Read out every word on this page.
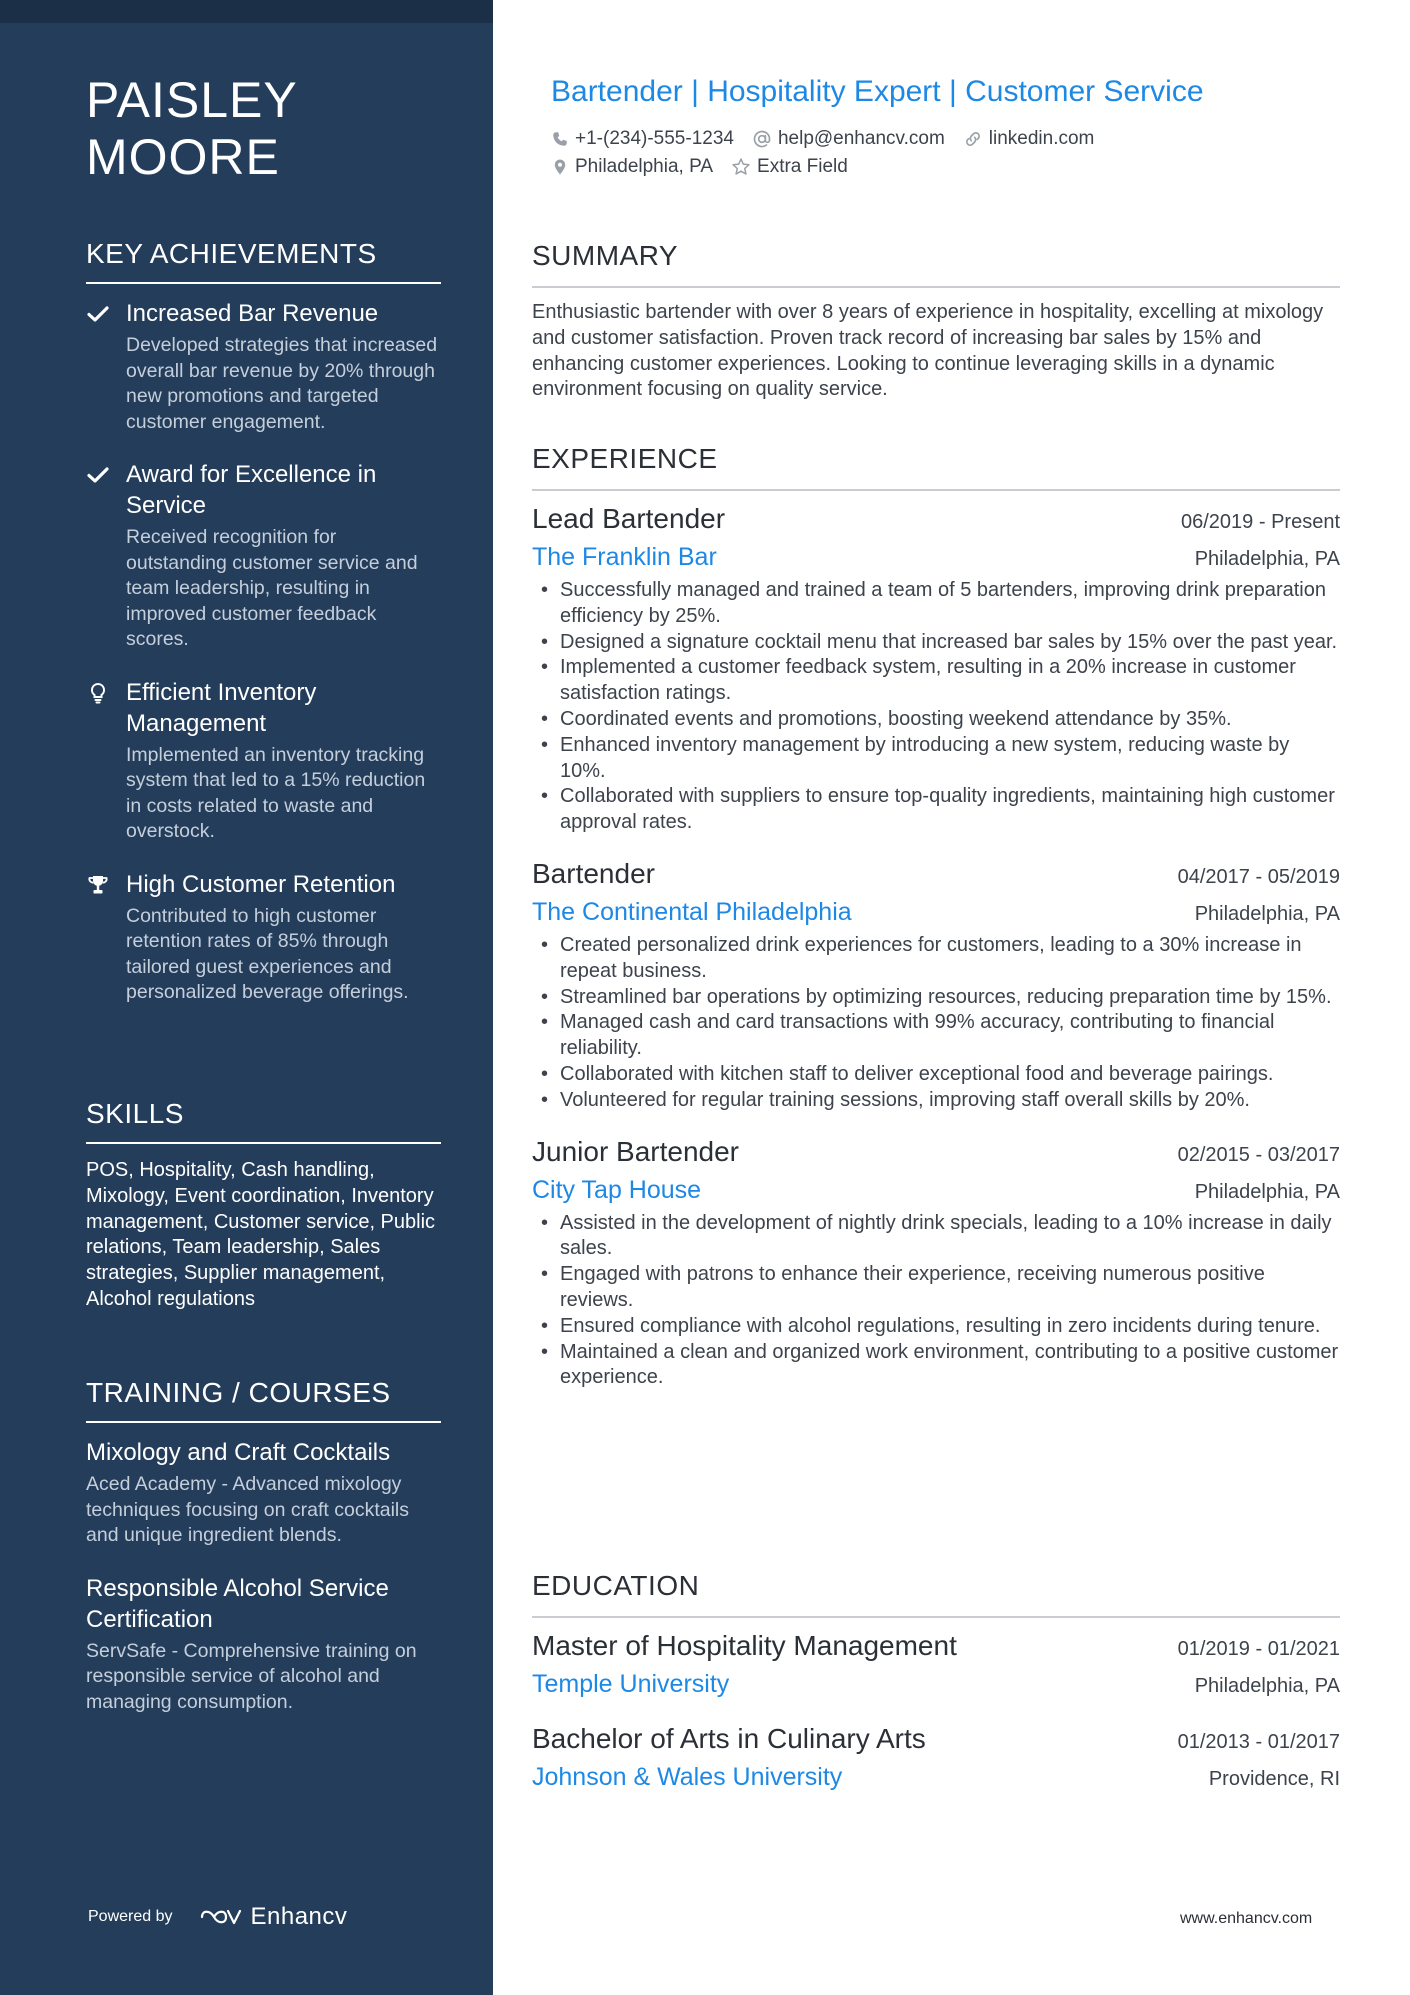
PAISLEY
MOORE
KEY ACHIEVEMENTS
Increased Bar Revenue
Developed strategies that increased overall bar revenue by 20% through new promotions and targeted customer engagement.
Award for Excellence in Service
Received recognition for outstanding customer service and team leadership, resulting in improved customer feedback scores.
Efficient Inventory Management
Implemented an inventory tracking system that led to a 15% reduction in costs related to waste and overstock.
High Customer Retention
Contributed to high customer retention rates of 85% through tailored guest experiences and personalized beverage offerings.
SKILLS
POS, Hospitality, Cash handling, Mixology, Event coordination, Inventory management, Customer service, Public relations, Team leadership, Sales strategies, Supplier management, Alcohol regulations
TRAINING / COURSES
Mixology and Craft Cocktails
Aced Academy - Advanced mixology techniques focusing on craft cocktails and unique ingredient blends.
Responsible Alcohol Service Certification
ServSafe - Comprehensive training on responsible service of alcohol and managing consumption.
Powered by	Enhancv
Bartender | Hospitality Expert | Customer Service
+1-(234)-555-1234 help@enhancv.com linkedin.com
Philadelphia, PA Extra Field
SUMMARY
Enthusiastic bartender with over 8 years of experience in hospitality, excelling at mixology and customer satisfaction. Proven track record of increasing bar sales by 15% and enhancing customer experiences. Looking to continue leveraging skills in a dynamic environment focusing on quality service.
EXPERIENCE
Lead Bartender	06/2019 - Present
The Franklin Bar	Philadelphia, PA
• Successfully managed and trained a team of 5 bartenders, improving drink preparation efficiency by 25%.
• Designed a signature cocktail menu that increased bar sales by 15% over the past year.
• Implemented a customer feedback system, resulting in a 20% increase in customer satisfaction ratings.
• Coordinated events and promotions, boosting weekend attendance by 35%.
• Enhanced inventory management by introducing a new system, reducing waste by 10%.
• Collaborated with suppliers to ensure top-quality ingredients, maintaining high customer approval rates.
Bartender	04/2017 - 05/2019
The Continental Philadelphia	Philadelphia, PA
• Created personalized drink experiences for customers, leading to a 30% increase in repeat business.
• Streamlined bar operations by optimizing resources, reducing preparation time by 15%.
• Managed cash and card transactions with 99% accuracy, contributing to financial reliability.
• Collaborated with kitchen staff to deliver exceptional food and beverage pairings.
• Volunteered for regular training sessions, improving staff overall skills by 20%.
Junior Bartender	02/2015 - 03/2017
City Tap House	Philadelphia, PA
• Assisted in the development of nightly drink specials, leading to a 10% increase in daily sales.
• Engaged with patrons to enhance their experience, receiving numerous positive reviews.
• Ensured compliance with alcohol regulations, resulting in zero incidents during tenure.
• Maintained a clean and organized work environment, contributing to a positive customer experience.
EDUCATION
Master of Hospitality Management	01/2019 - 01/2021
Temple University	Philadelphia, PA
Bachelor of Arts in Culinary Arts	01/2013 - 01/2017
Johnson & Wales University	Providence, RI
www.enhancv.com
